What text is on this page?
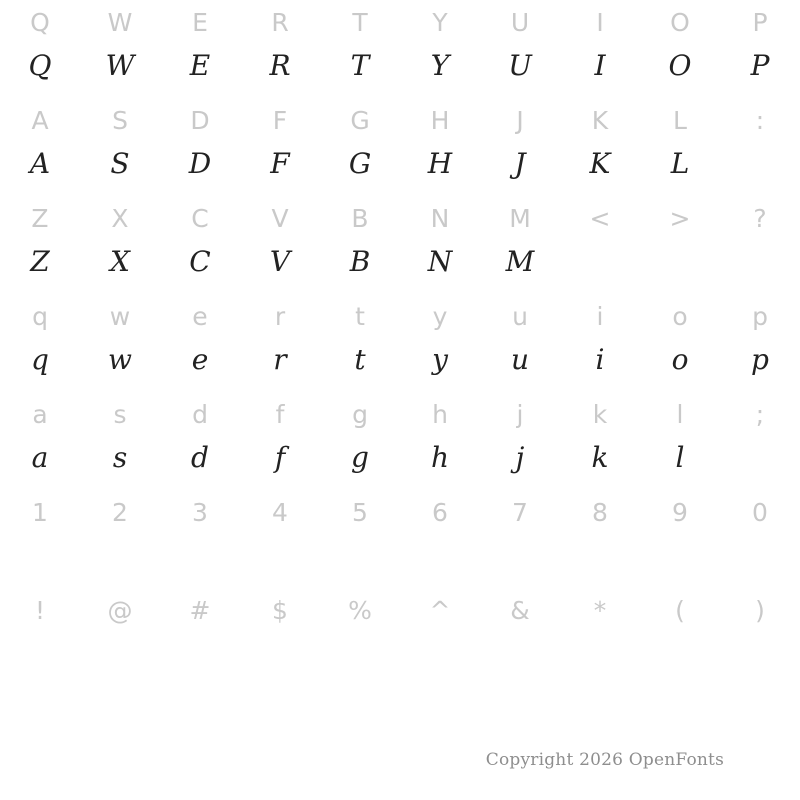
Q	W	E	R	T	Y	U	I	O	P
Q	W	E	R	T	Y	U	I	O	P
A	S	D	F	G	H	J	K	L	:
A	S	D	F	G	H	J	K	L
Z	X	C	V	B	N	M	<	>	?
Z	X	C	V	B	N	M
q	w	e	r	t	y	u	i	o	p
q	w	e	r	t	y	u	i	o	p
a	s	d	f	g	h	j	k	l	;
a	s	d	f	g	h	j	k	l
1	2	3	4	5	6	7	8	9	0
!	@	#	$	%	^	&	*	(	)
Copyright 2026 OpenFonts
